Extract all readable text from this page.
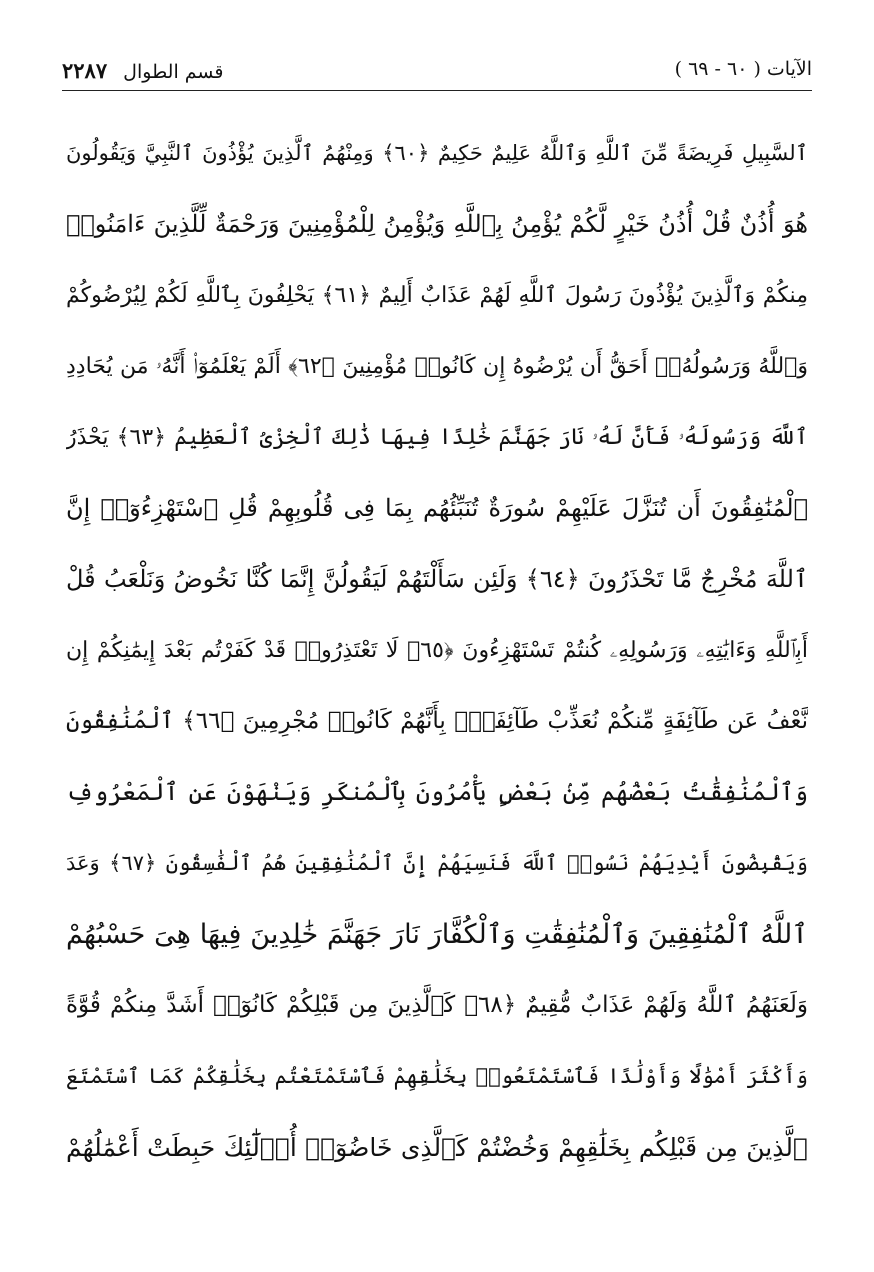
الآيات ( ٦٠ - ٦٩ )
قسم الطوال ٢٢٨٧
ٱلسَّبِيلِ فَرِيضَةً مِّنَ ٱللَّهِ وَٱللَّهُ عَلِيمٌ حَكِيمٌ ﴿٦٠﴾ وَمِنْهُمُ ٱلَّذِينَ يُؤْذُونَ ٱلنَّبِيَّ وَيَقُولُونَ
هُوَ أُذُنٌ قُلْ أُذُنُ خَيْرٍ لَّكُمْ يُؤْمِنُ بِٱللَّهِ وَيُؤْمِنُ لِلْمُؤْمِنِينَ وَرَحْمَةٌ لِّلَّذِينَ ءَامَنُوا۟
مِنكُمْ وَٱلَّذِينَ يُؤْذُونَ رَسُولَ ٱللَّهِ لَهُمْ عَذَابٌ أَلِيمٌ ﴿٦١﴾ يَحْلِفُونَ بِٱللَّهِ لَكُمْ لِيُرْضُوكُمْ
وَٱللَّهُ وَرَسُولُهُۥٓ أَحَقُّ أَن يُرْضُوهُ إِن كَانُوا۟ مُؤْمِنِينَ ﴿٦٢﴾ أَلَمْ يَعْلَمُوٓا۟ أَنَّهُۥ مَن يُحَادِدِ
ٱللَّهَ وَرَسُولَهُۥ فَأَنَّ لَهُۥ نَارَ جَهَنَّمَ خَٰلِدًا فِيهَا ذَٰلِكَ ٱلْخِزْىُ ٱلْعَظِيمُ ﴿٦٣﴾ يَحْذَرُ
ٱلْمُنَٰفِقُونَ أَن تُنَزَّلَ عَلَيْهِمْ سُورَةٌ تُنَبِّئُهُم بِمَا فِى قُلُوبِهِمْ قُلِ ٱسْتَهْزِءُوٓا۟ إِنَّ
ٱللَّهَ مُخْرِجٌ مَّا تَحْذَرُونَ ﴿٦٤﴾ وَلَئِن سَأَلْتَهُمْ لَيَقُولُنَّ إِنَّمَا كُنَّا نَخُوضُ وَنَلْعَبُ قُلْ
أَبِٱللَّهِ وَءَايَٰتِهِۦ وَرَسُولِهِۦ كُنتُمْ تَسْتَهْزِءُونَ ﴿٦٥﴾ لَا تَعْتَذِرُوا۟ قَدْ كَفَرْتُم بَعْدَ إِيمَٰنِكُمْ إِن
نَّعْفُ عَن طَآئِفَةٍ مِّنكُمْ نُعَذِّبْ طَآئِفَةًۢ بِأَنَّهُمْ كَانُوا۟ مُجْرِمِينَ ﴿٦٦﴾ ٱلْمُنَٰفِقُونَ
وَٱلْمُنَٰفِقَٰتُ بَعْضُهُم مِّنۢ بَعْضٍ يَأْمُرُونَ بِٱلْمُنكَرِ وَيَنْهَوْنَ عَنِ ٱلْمَعْرُوفِ
وَيَقْبِضُونَ أَيْدِيَهُمْ نَسُوا۟ ٱللَّهَ فَنَسِيَهُمْ إِنَّ ٱلْمُنَٰفِقِينَ هُمُ ٱلْفَٰسِقُونَ ﴿٦٧﴾ وَعَدَ
ٱللَّهُ ٱلْمُنَٰفِقِينَ وَٱلْمُنَٰفِقَٰتِ وَٱلْكُفَّارَ نَارَ جَهَنَّمَ خَٰلِدِينَ فِيهَا هِىَ حَسْبُهُمْ
وَلَعَنَهُمُ ٱللَّهُ وَلَهُمْ عَذَابٌ مُّقِيمٌ ﴿٦٨﴾ كَٱلَّذِينَ مِن قَبْلِكُمْ كَانُوٓا۟ أَشَدَّ مِنكُمْ قُوَّةً
وَأَكْثَرَ أَمْوَٰلًا وَأَوْلَٰدًا فَٱسْتَمْتَعُوا۟ بِخَلَٰقِهِمْ فَٱسْتَمْتَعْتُم بِخَلَٰقِكُمْ كَمَا ٱسْتَمْتَعَ
ٱلَّذِينَ مِن قَبْلِكُم بِخَلَٰقِهِمْ وَخُضْتُمْ كَٱلَّذِى خَاضُوٓا۟ أُو۟لَٰٓئِكَ حَبِطَتْ أَعْمَٰلُهُمْ
